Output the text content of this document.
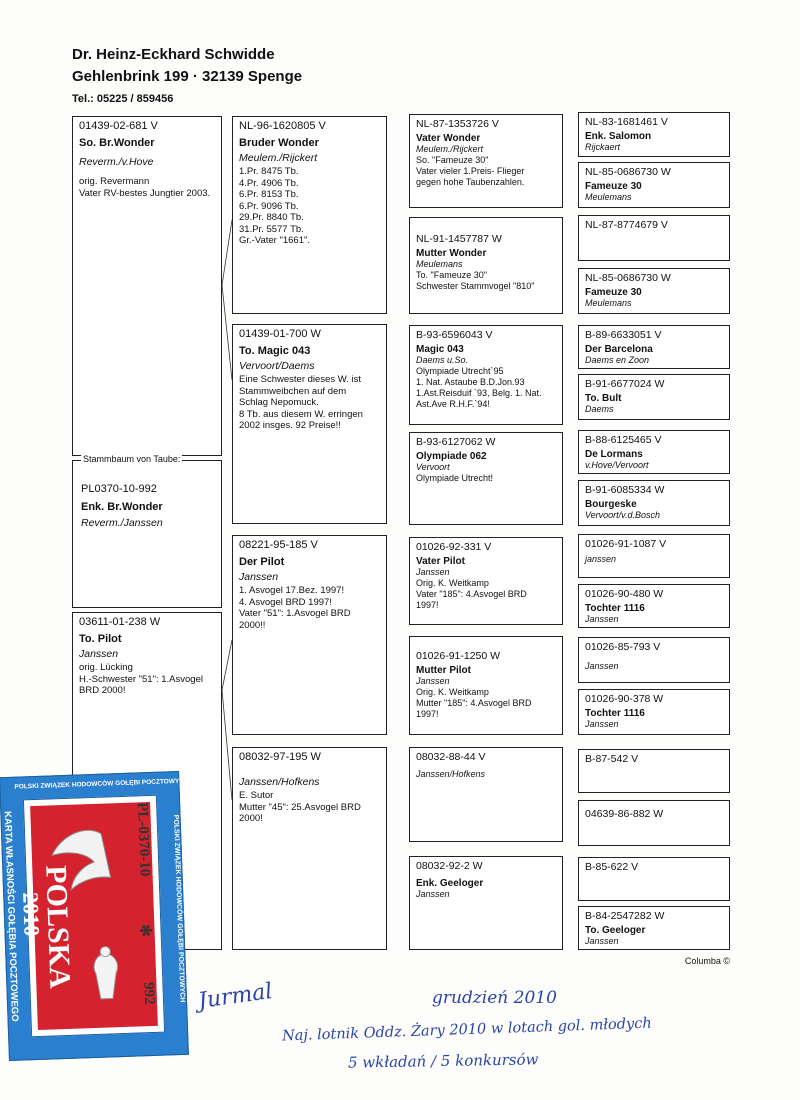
Dr. Heinz-Eckhard Schwidde
Gehlenbrink 199 · 32139 Spenge
Tel.: 05225 / 859456
01439-02-681 V
So. Br.Wonder
Reverm./v.Hove
orig. Revermann
Vater RV-bestes Jungtier 2003.
Stammbaum von Taube:
PL0370-10-992
Enk. Br.Wonder
Reverm./Janssen
03611-01-238 W
To. Pilot
Janssen
orig. Lücking
H.-Schwester "51": 1.Asvogel
BRD 2000!
NL-96-1620805 V
Bruder Wonder
Meulem./Rijckert
1.Pr. 8475 Tb.
4.Pr. 4906 Tb.
6.Pr. 8153 Tb.
6.Pr. 9096 Tb.
29.Pr. 8840 Tb.
31.Pr. 5577 Tb.
Gr.-Vater "1661".
01439-01-700 W
To. Magic 043
Vervoort/Daems
Eine Schwester dieses W. ist
Stammweibchen auf dem
Schlag Nepomuck.
8 Tb. aus diesem W. erringen
2002 insges. 92 Preise!!
08221-95-185 V
Der Pilot
Janssen
1. Asvogel 17.Bez. 1997!
4. Asvogel BRD 1997!
Vater "51": 1.Asvogel BRD
2000!!
08032-97-195 W
Janssen/Hofkens
E. Sutor
Mutter "45": 25.Asvogel BRD
2000!
NL-87-1353726 V
Vater Wonder
Meulem./Rijckert
So. "Fameuze 30"
Vater vieler 1.Preis- Flieger
gegen hohe Taubenzahlen.
NL-91-1457787 W
Mutter Wonder
Meulemans
To. "Fameuze 30"
Schwester Stammvogel "810"
B-93-6596043 V
Magic 043
Daems u.So.
Olympiade Utrecht`95
1. Nat. Astaube B.D.Jon.93
1.Ast.Reisduif `93, Belg. 1. Nat.
Ast.Ave R.H.F.`94!
B-93-6127062 W
Olympiade 062
Vervoort
Olympiade Utrecht!
01026-92-331 V
Vater Pilot
Janssen
Orig. K. Weitkamp
Vater "185": 4.Asvogel BRD
1997!
01026-91-1250 W
Mutter Pilot
Janssen
Orig. K. Weitkamp
Mutter "185": 4.Asvogel BRD
1997!
08032-88-44 V
Janssen/Hofkens
08032-92-2 W
Enk. Geeloger
Janssen
NL-83-1681461 V
Enk. Salomon
Rijckaert
NL-85-0686730 W
Fameuze 30
Meulemans
NL-87-8774679 V
NL-85-0686730 W
Fameuze 30
Meulemans
B-89-6633051 V
Der Barcelona
Daems en Zoon
B-91-6677024 W
To. Bult
Daems
B-88-6125465 V
De Lormans
v.Hove/Vervoort
B-91-6085334 W
Bourgeske
Vervoort/v.d.Bosch
01026-91-1087 V
janssen
01026-90-480 W
Tochter 1116
Janssen
01026-85-793 V
Janssen
01026-90-378 W
Tochter 1116
Janssen
B-87-542 V
04639-86-882 W
B-85-622 V
B-84-2547282 W
To. Geeloger
Janssen
Columba ©
KARTA WŁASNOŚCI GOŁĘBIA POCZTOWEGO	POLSKI ZWIĄZEK HODOWCÓW GOŁĘBI POCZTOWYCH
POLSKI ZWIĄZEK HODOWCÓW GOŁĘBI POCZTOWYCH
POLSKA
2010
PL-0370-10
✻
992 Jurmal	grudzień 2010
Naj. lotnik Oddz. Żary 2010 w lotach gol. młodych
5 wkładań / 5 konkursów
